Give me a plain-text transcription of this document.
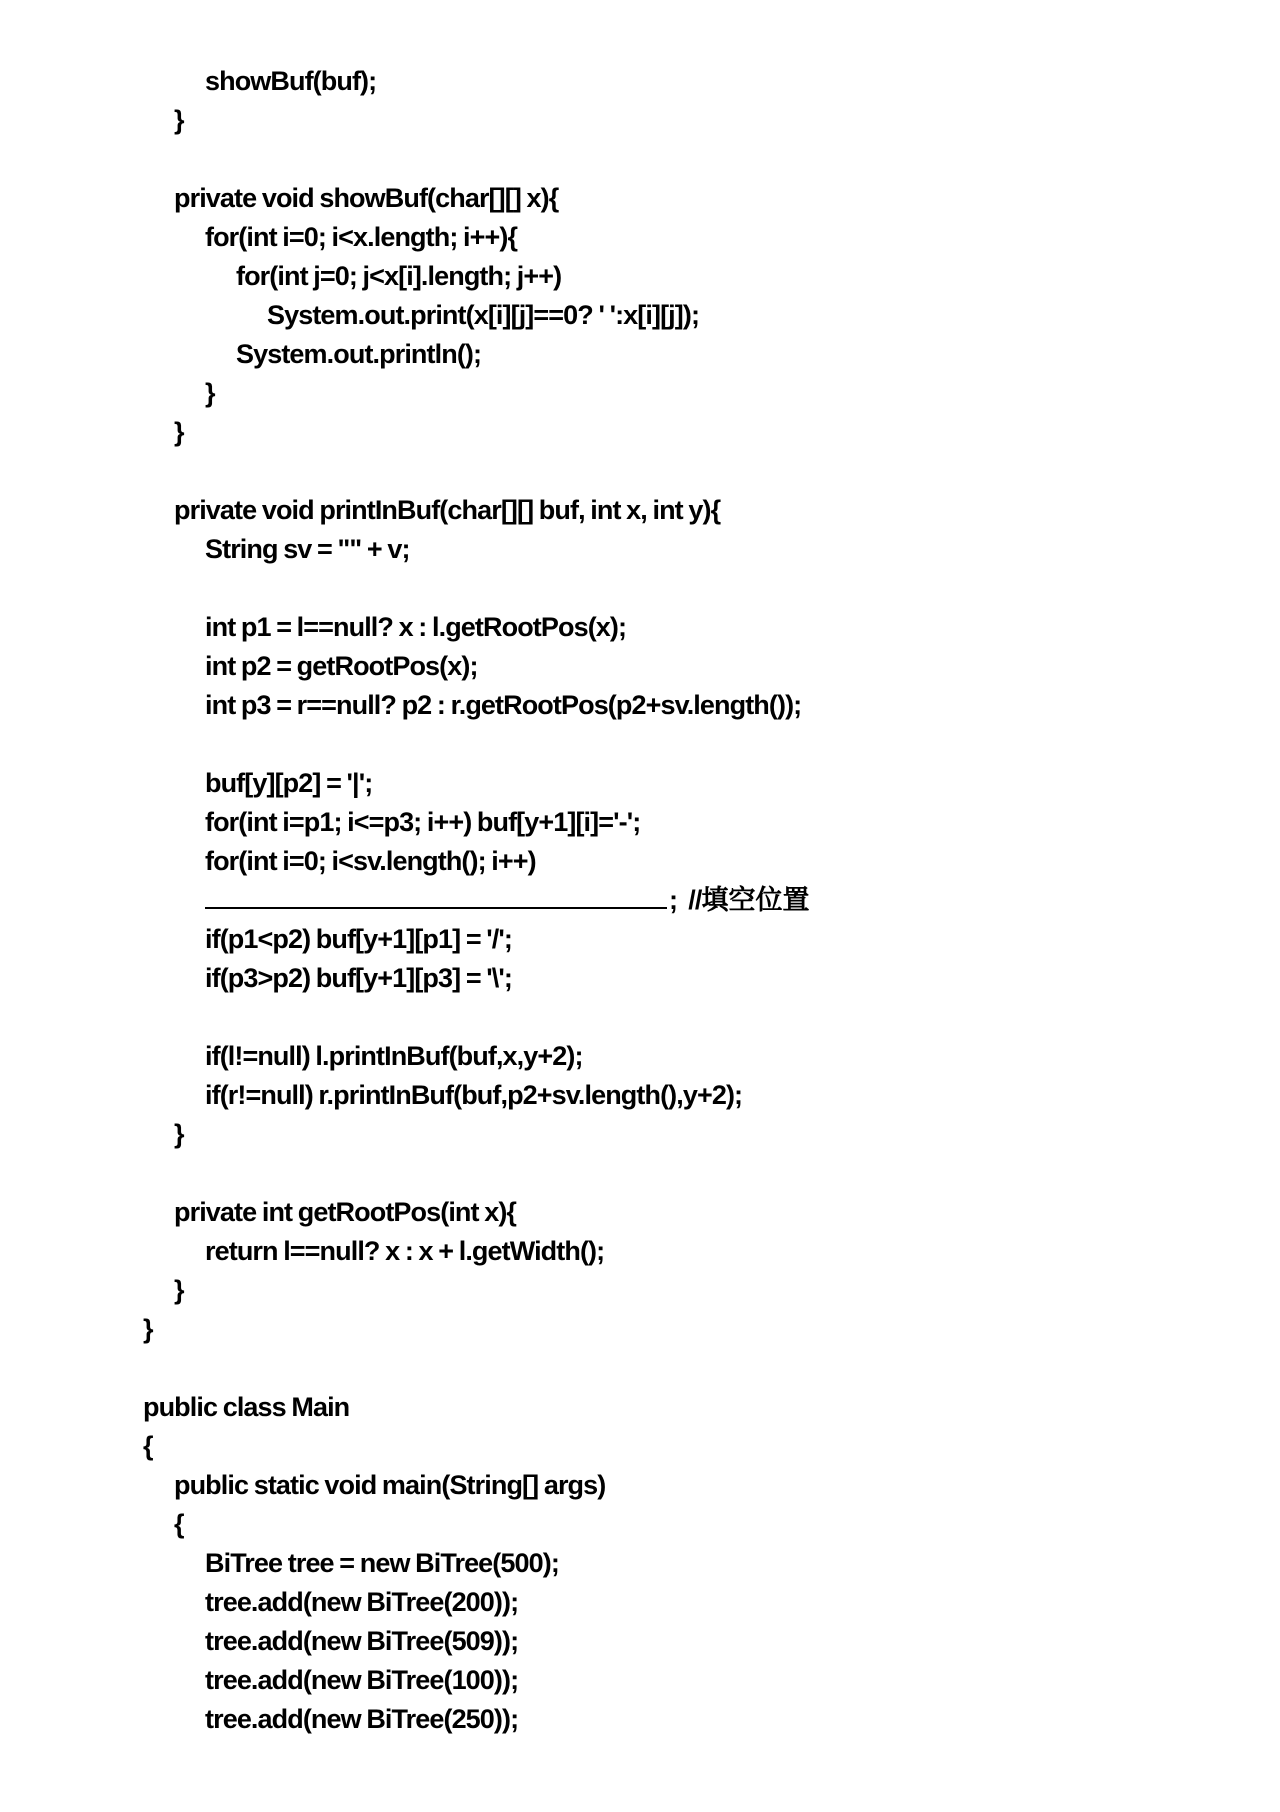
showBuf(buf);
}
private void showBuf(char[][] x){
for(int i=0; i<x.length; i++){
for(int j=0; j<x[i].length; j++)
System.out.print(x[i][j]==0? ' ':x[i][j]);
System.out.println();
}
}
private void printInBuf(char[][] buf, int x, int y){
String sv = "" + v;
int p1 = l==null? x : l.getRootPos(x);
int p2 = getRootPos(x);
int p3 = r==null? p2 : r.getRootPos(p2+sv.length());
buf[y][p2] = '|';
for(int i=p1; i<=p3; i++) buf[y+1][i]='-';
for(int i=0; i<sv.length(); i++)
;  //填空位置
if(p1<p2) buf[y+1][p1] = '/';
if(p3>p2) buf[y+1][p3] = '\';
if(l!=null) l.printInBuf(buf,x,y+2);
if(r!=null) r.printInBuf(buf,p2+sv.length(),y+2);
}
private int getRootPos(int x){
return l==null? x : x + l.getWidth();
}
}
public class Main
{
public static void main(String[] args)
{
BiTree tree = new BiTree(500);
tree.add(new BiTree(200));
tree.add(new BiTree(509));
tree.add(new BiTree(100));
tree.add(new BiTree(250));
